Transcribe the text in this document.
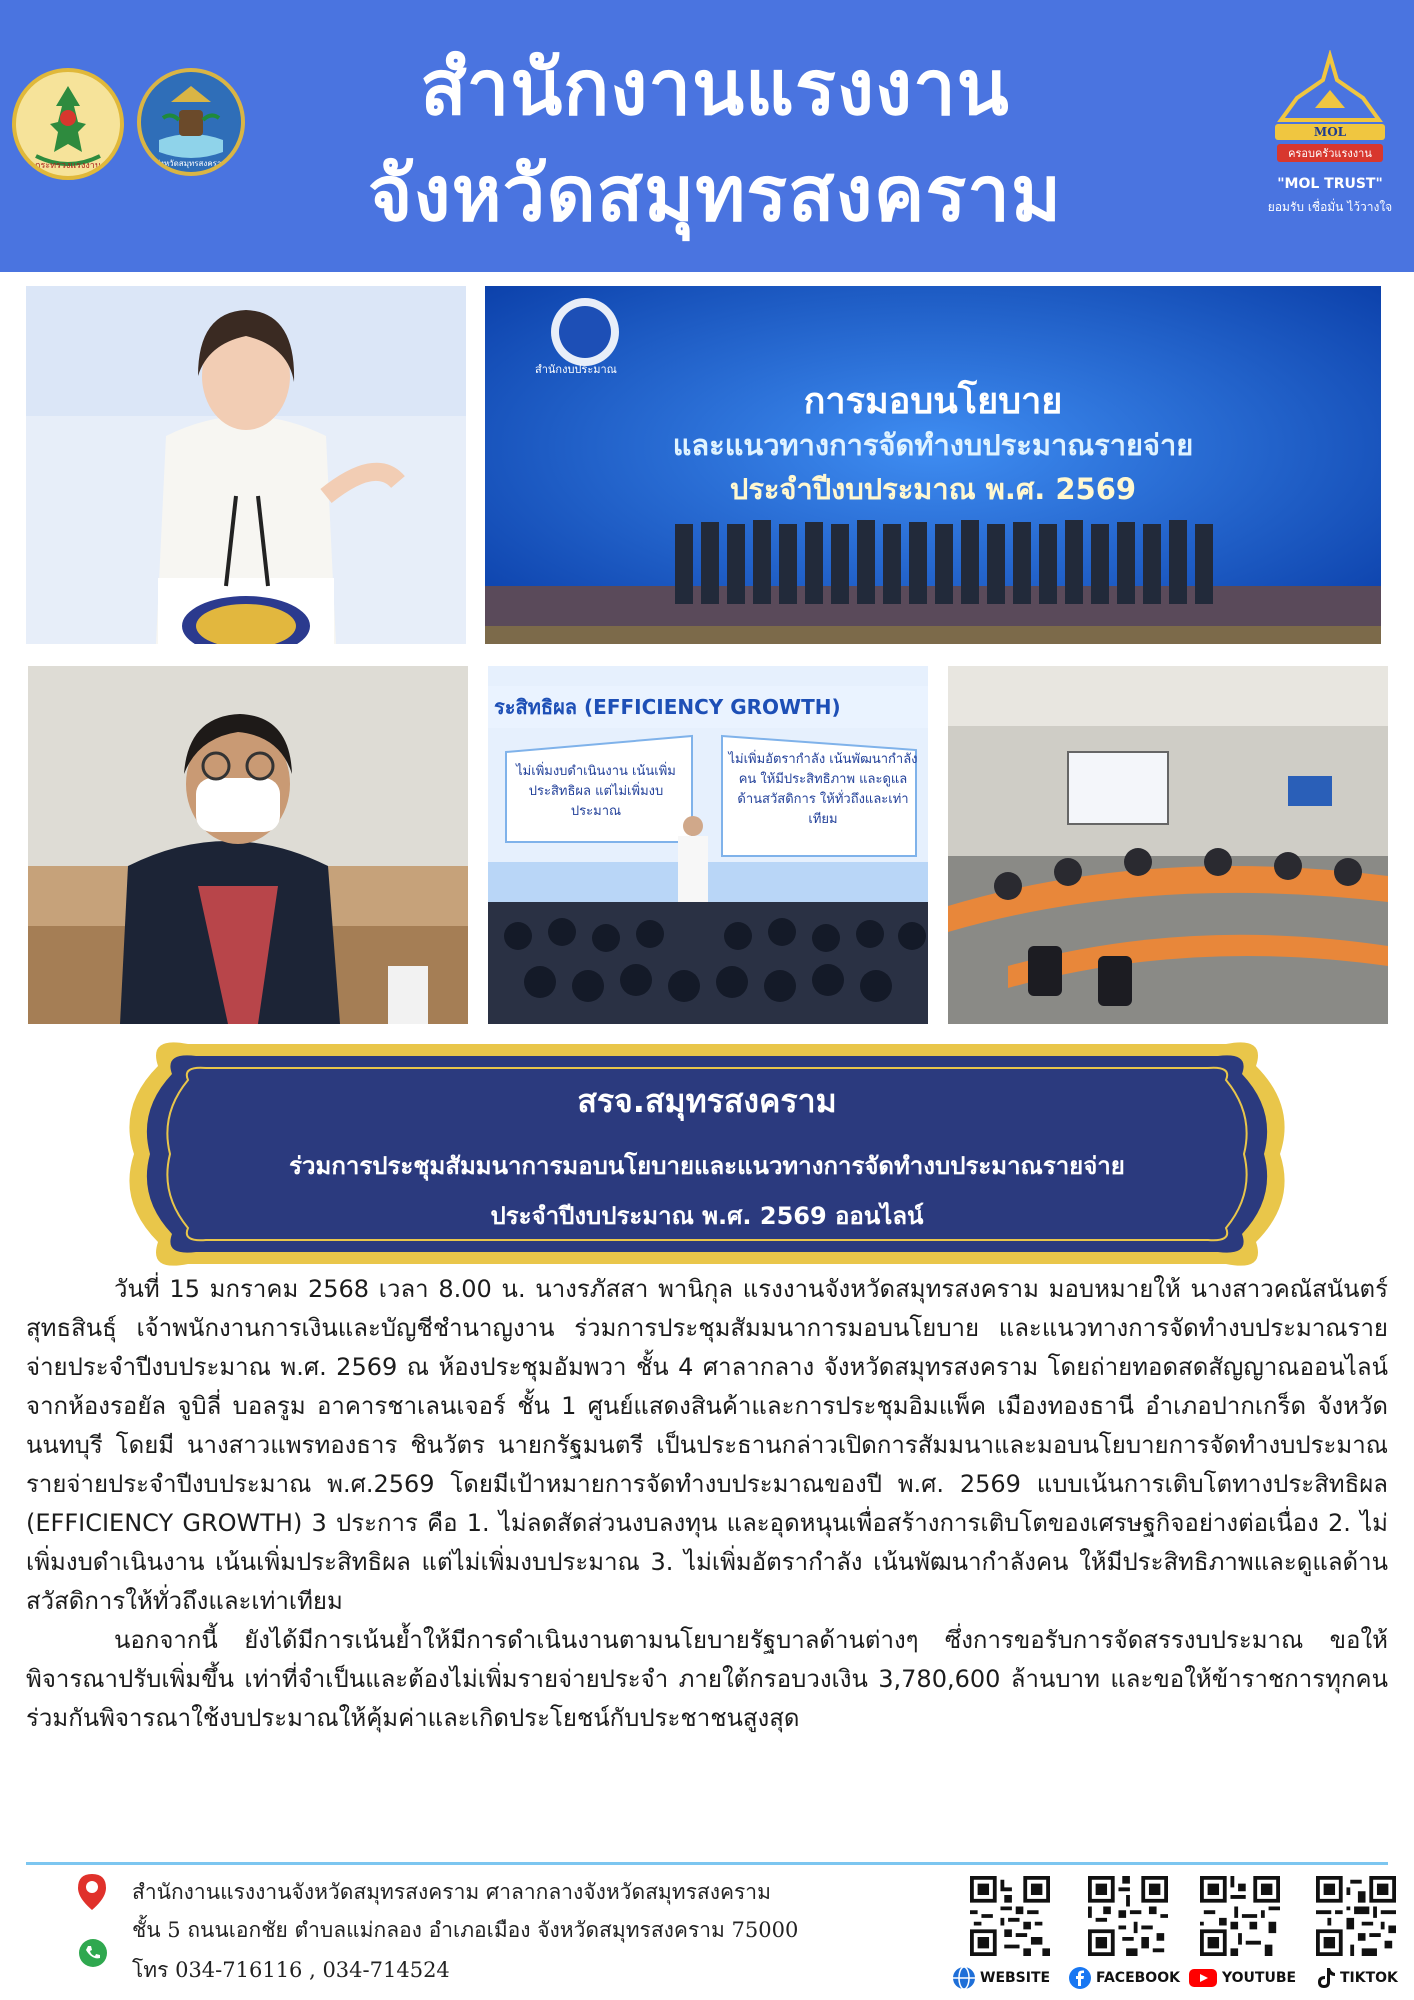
กระทรวงแรงงาน	จังหวัดสมุทรสงคราม
สำนักงานแรงงาน
จังหวัดสมุทรสงคราม
MOL
ครอบครัวแรงงาน
"MOL TRUST"
ยอมรับ เชื่อมั่น ไว้วางใจ
สำนักงบประมาณ
การมอบนโยบาย
และแนวทางการจัดทำงบประมาณรายจ่าย
ประจำปีงบประมาณ พ.ศ. 2569
ระสิทธิผล (EFFICIENCY GROWTH)
ไม่เพิ่มงบดำเนินงาน เน้นเพิ่มประสิทธิผล แต่ไม่เพิ่มงบประมาณ
ไม่เพิ่มอัตรากำลัง เน้นพัฒนากำลังคน ให้มีประสิทธิภาพ และดูแลด้านสวัสดิการ ให้ทั่วถึงและเท่าเทียม
สรจ.สมุทรสงคราม
ร่วมการประชุมสัมมนาการมอบนโยบายและแนวทางการจัดทำงบประมาณรายจ่าย
ประจำปีงบประมาณ พ.ศ. 2569 ออนไลน์

วันที่ 15 มกราคม 2568 เวลา 8.00 น. นางรภัสสา พานิกุล แรงงานจังหวัดสมุทรสงคราม มอบหมายให้ นางสาวคณัสนันตร์ สุทธสินธุ์ เจ้าพนักงานการเงินและบัญชีชำนาญงาน ร่วมการประชุมสัมมนาการมอบนโยบาย และแนวทางการจัดทำงบประมาณรายจ่ายประจำปีงบประมาณ พ.ศ. 2569 ณ ห้องประชุมอัมพวา ชั้น 4 ศาลากลาง จังหวัดสมุทรสงคราม โดยถ่ายทอดสดสัญญาณออนไลน์ จากห้องรอยัล จูบิลี่ บอลรูม อาคารชาเลนเจอร์ ชั้น 1 ศูนย์แสดงสินค้าและการประชุมอิมแพ็ค เมืองทองธานี อำเภอปากเกร็ด จังหวัดนนทบุรี โดยมี นางสาวแพรทองธาร ชินวัตร นายกรัฐมนตรี เป็นประธานกล่าวเปิดการสัมมนาและมอบนโยบายการจัดทำงบประมาณรายจ่ายประจำปีงบประมาณ พ.ศ.2569 โดยมีเป้าหมายการจัดทำงบประมาณของปี พ.ศ. 2569 แบบเน้นการเติบโตทางประสิทธิผล (EFFICIENCY GROWTH) 3 ประการ คือ 1. ไม่ลดสัดส่วนงบลงทุน และอุดหนุนเพื่อสร้างการเติบโตของเศรษฐกิจอย่างต่อเนื่อง 2. ไม่เพิ่มงบดำเนินงาน เน้นเพิ่มประสิทธิผล แต่ไม่เพิ่มงบประมาณ 3. ไม่เพิ่มอัตรากำลัง เน้นพัฒนากำลังคน ให้มีประสิทธิภาพและดูแลด้านสวัสดิการให้ทั่วถึงและเท่าเทียม

นอกจากนี้ ยังได้มีการเน้นย้ำให้มีการดำเนินงานตามนโยบายรัฐบาลด้านต่างๆ ซึ่งการขอรับการจัดสรรงบประมาณ ขอให้พิจารณาปรับเพิ่มขึ้น เท่าที่จำเป็นและต้องไม่เพิ่มรายจ่ายประจำ ภายใต้กรอบวงเงิน 3,780,600 ล้านบาท และขอให้ข้าราชการทุกคนร่วมกันพิจารณาใช้งบประมาณให้คุ้มค่าและเกิดประโยชน์กับประชาชนสูงสุด

สำนักงานแรงงานจังหวัดสมุทรสงคราม ศาลากลางจังหวัดสมุทรสงคราม
ชั้น 5 ถนนเอกชัย ตำบลแม่กลอง อำเภอเมือง จังหวัดสมุทรสงคราม 75000
โทร 034-716116 , 034-714524	WEBSITE	FACEBOOK	YOUTUBE	TIKTOK
